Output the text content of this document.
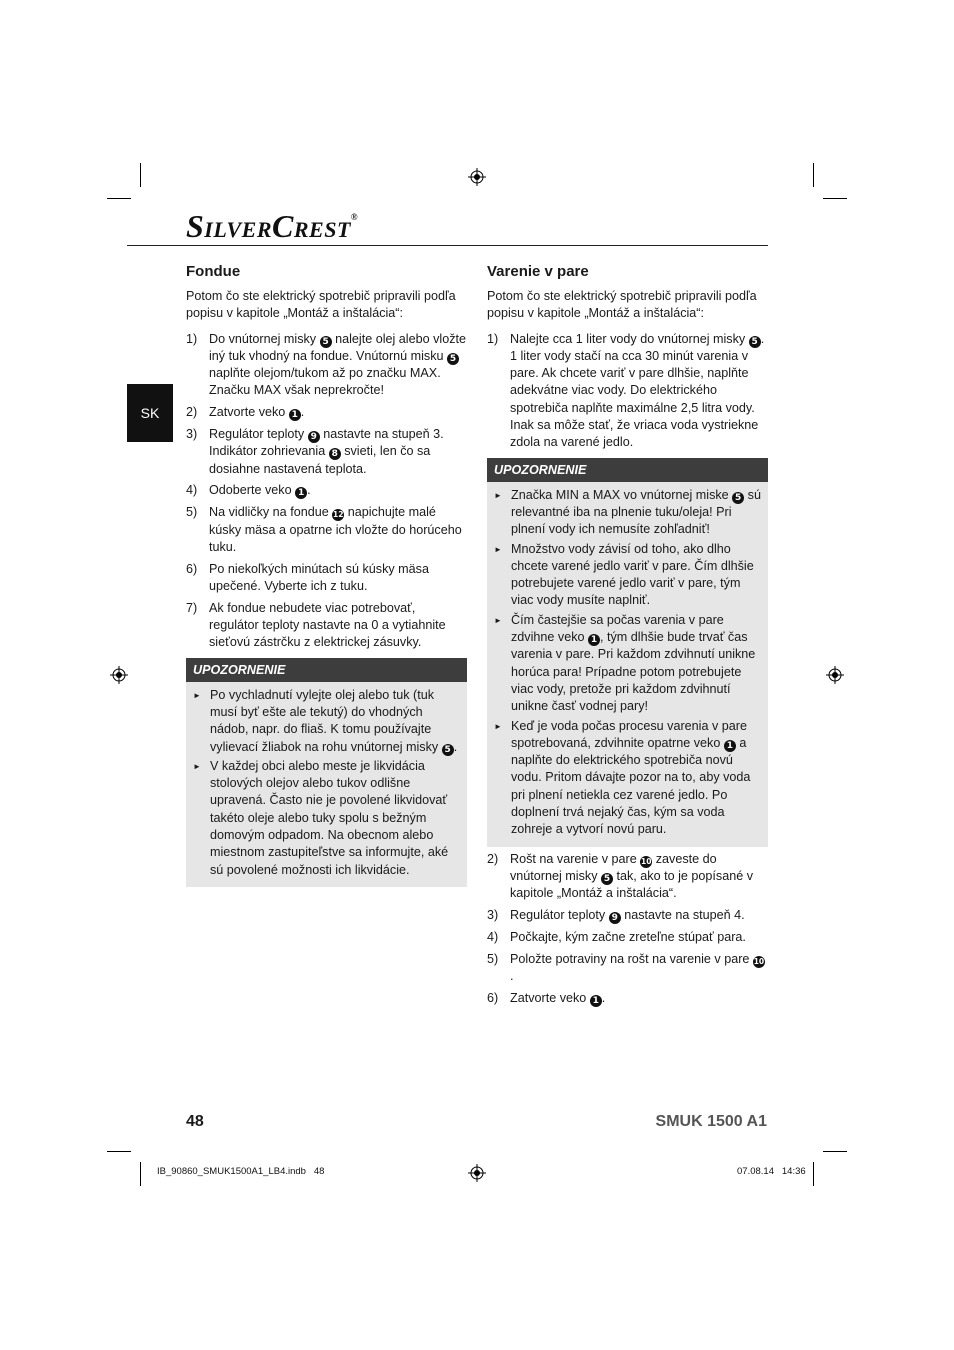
SILVERCREST®
SK
Fondue

Potom čo ste elektrický spotrebič pripravili podľa popisu v kapitole „Montáž a inštalácia“:

1) Do vnútornej misky 5 nalejte olej alebo vložte iný tuk vhodný na fondue. Vnútornú misku 5 naplňte olejom/tukom až po značku MAX. Značku MAX však neprekročte!
2) Zatvorte veko 1 .
3) Regulátor teploty 9 nastavte na stupeň 3. Indikátor zohrievania 8 svieti, len čo sa dosiahne nastavená teplota.
4) Odoberte veko 1 .
5) Na vidličky na fondue 12 napichujte malé kúsky mäsa a opatrne ich vložte do horúceho tuku.
6) Po niekoľkých minútach sú kúsky mäsa upečené. Vyberte ich z tuku.
7) Ak fondue nebudete viac potrebovať, regulátor teploty nastavte na 0 a vytiahnite sieťovú zástrčku z elektrickej zásuvky.
UPOZORNENIE
► Po vychladnutí vylejte olej alebo tuk (tuk musí byť ešte ale tekutý) do vhodných nádob, napr. do fliaš. K tomu používajte vylievací žliabok na rohu vnútornej misky 5 .
► V každej obci alebo meste je likvidácia stolových olejov alebo tukov odlišne upravená. Často nie je povolené likvidovať takéto oleje alebo tuky spolu s bežným domovým odpadom. Na obecnom alebo miestnom zastupiteľstve sa informujte, aké sú povolené možnosti ich likvidácie.
Varenie v pare

Potom čo ste elektrický spotrebič pripravili podľa popisu v kapitole „Montáž a inštalácia“:

1) Nalejte cca 1 liter vody do vnútornej misky 5 . 1 liter vody stačí na cca 30 minút varenia v pare. Ak chcete variť v pare dlhšie, naplňte adekvátne viac vody. Do elektrického spotrebiča naplňte maximálne 2,5 litra vody. Inak sa môže stať, že vriaca voda vystriekne zdola na varené jedlo.
UPOZORNENIE
► Značka MIN a MAX vo vnútornej miske 5 sú relevantné iba na plnenie tuku/oleja! Pri plnení vody ich nemusíte zohľadniť!
► Množstvo vody závisí od toho, ako dlho chcete varené jedlo variť v pare. Čím dlhšie potrebujete varené jedlo variť v pare, tým viac vody musíte naplniť.
► Čím častejšie sa počas varenia v pare zdvihne veko 1 , tým dlhšie bude trvať čas varenia v pare. Pri každom zdvihnutí unikne horúca para! Prípadne potom potrebujete viac vody, pretože pri každom zdvihnutí unikne časť vodnej pary!
► Keď je voda počas procesu varenia v pare spotrebovaná, zdvihnite opatrne veko 1 a naplňte do elektrického spotrebiča novú vodu. Pritom dávajte pozor na to, aby voda pri plnení netiekla cez varené jedlo. Po doplnení trvá nejaký čas, kým sa voda zohreje a vytvorí novú paru.
2) Rošt na varenie v pare 10 zaveste do vnútornej misky 5 tak, ako to je popísané v kapitole „Montáž a inštalácia“.
3) Regulátor teploty 9 nastavte na stupeň 4.
4) Počkajte, kým začne zreteľne stúpať para.
5) Položte potraviny na rošt na varenie v pare 10.
6) Zatvorte veko 1 .
48	SMUK 1500 A1
IB_90860_SMUK1500A1_LB4.indb   48	07.08.14   14:36
